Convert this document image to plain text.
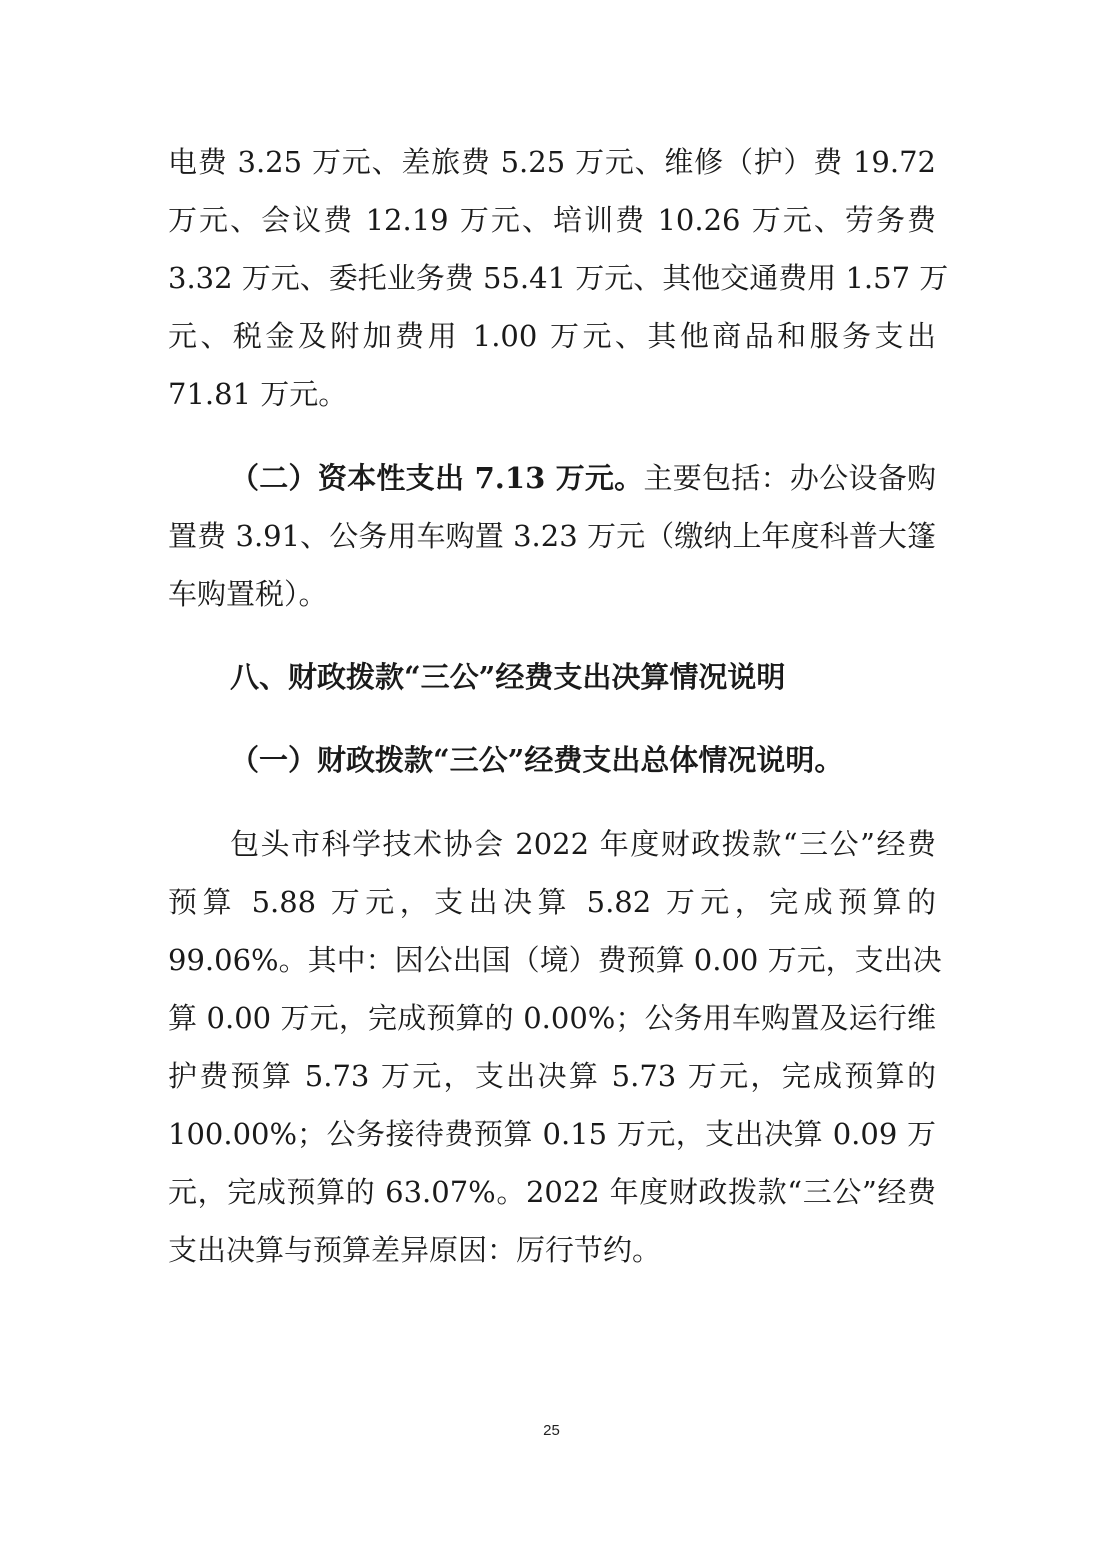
电费 3.25 万元、差旅费 5.25 万元、维修（护）费 19.72
万元、会议费 12.19 万元、培训费 10.26 万元、劳务费
3.32 万元、委托业务费 55.41 万元、其他交通费用 1.57 万
元、税金及附加费用 1.00 万元、其他商品和服务支出
71.81 万元。
（二）资本性支出 7.13 万元。主要包括：办公设备购
置费 3.91、公务用车购置 3.23 万元（缴纳上年度科普大篷
车购置税）。
八、财政拨款“三公”经费支出决算情况说明
（一）财政拨款“三公”经费支出总体情况说明。
包头市科学技术协会 2022 年度财政拨款“三公”经费
预算 5.88 万元，支出决算 5.82 万元，完成预算的
99.06%。其中：因公出国（境）费预算 0.00 万元，支出决
算 0.00 万元，完成预算的 0.00%；公务用车购置及运行维
护费预算 5.73 万元，支出决算 5.73 万元，完成预算的
100.00%；公务接待费预算 0.15 万元，支出决算 0.09 万
元，完成预算的 63.07%。2022 年度财政拨款“三公”经费
支出决算与预算差异原因：厉行节约。
25
